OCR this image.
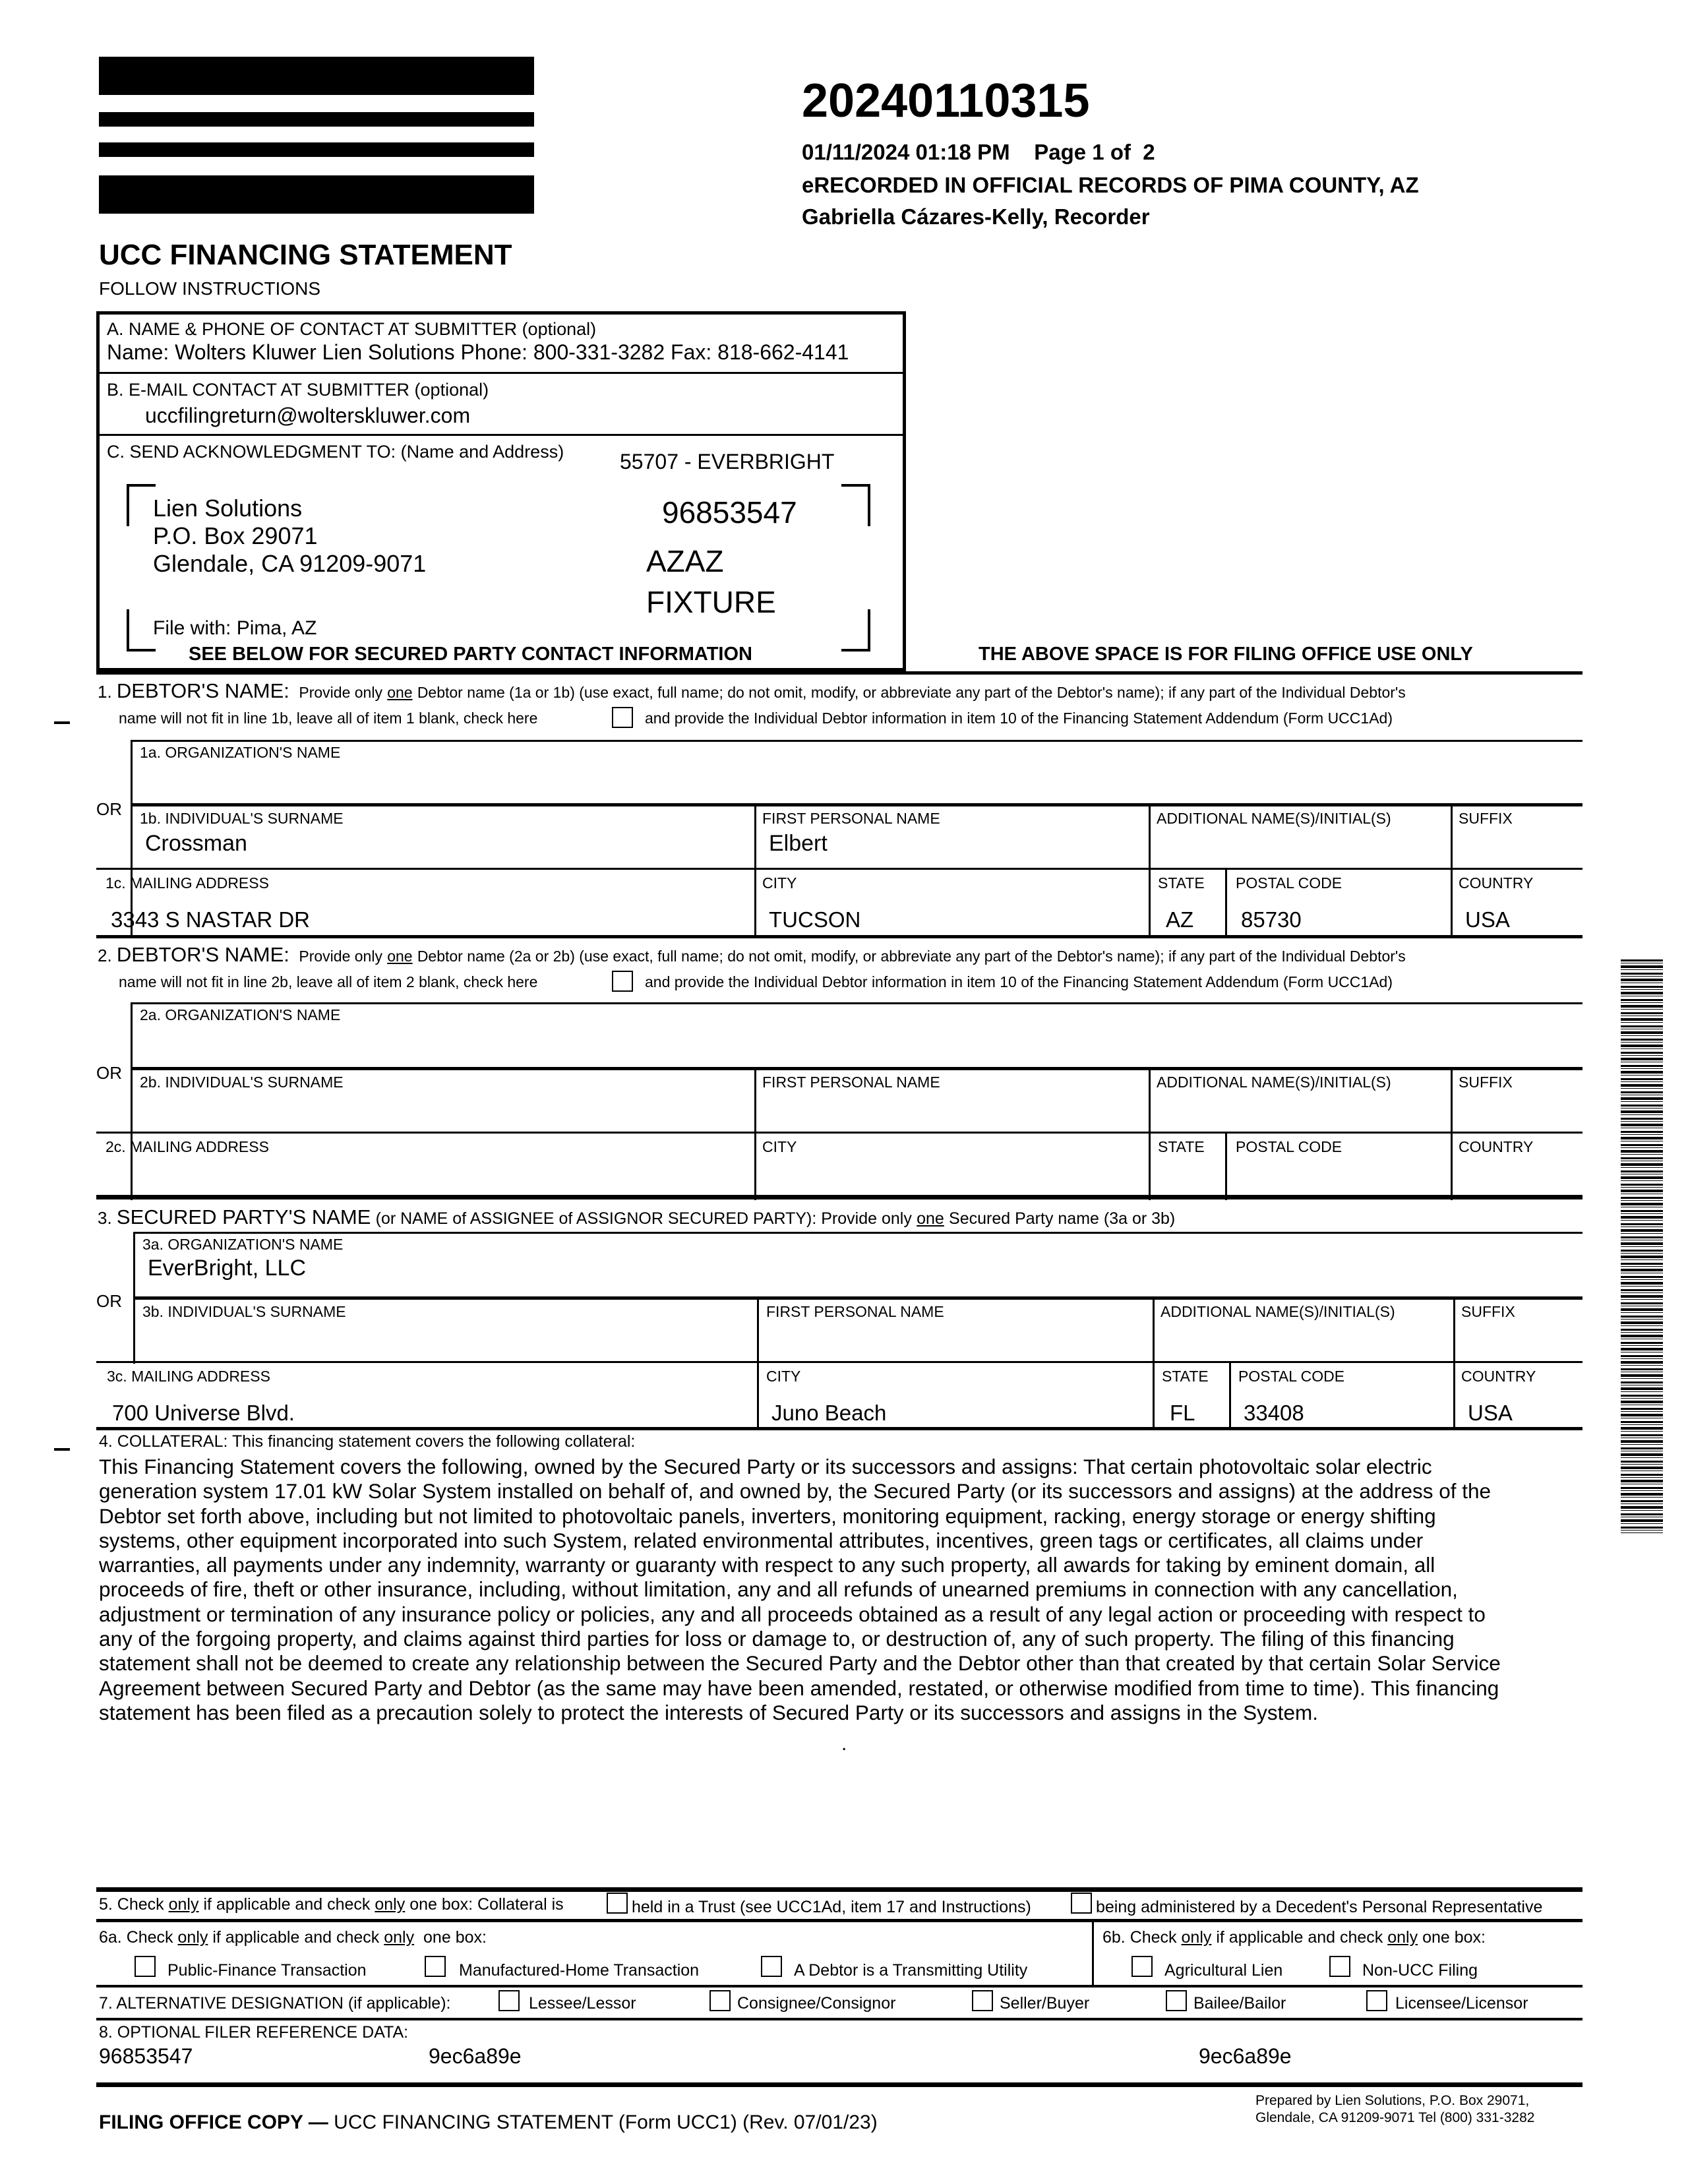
20240110315
01/11/2024 01:18 PM    Page 1 of  2
eRECORDED IN OFFICIAL RECORDS OF PIMA COUNTY, AZ
Gabriella Cázares-Kelly, Recorder
UCC FINANCING STATEMENT
FOLLOW INSTRUCTIONS
A. NAME & PHONE OF CONTACT AT SUBMITTER (optional)
Name: Wolters Kluwer Lien Solutions Phone: 800-331-3282 Fax: 818-662-4141
B. E-MAIL CONTACT AT SUBMITTER (optional)
uccfilingreturn@wolterskluwer.com
C. SEND ACKNOWLEDGMENT TO: (Name and Address)	55707 - EVERBRIGHT
Lien Solutions
P.O. Box 29071
Glendale, CA 91209-9071
96853547
AZAZ
FIXTURE
File with: Pima, AZ
SEE BELOW FOR SECURED PARTY CONTACT INFORMATION	THE ABOVE SPACE IS FOR FILING OFFICE USE ONLY
1. DEBTOR'S NAME: Provide only one Debtor name (1a or 1b) (use exact, full name; do not omit, modify, or abbreviate any part of the Debtor's name); if any part of the Individual Debtor's
name will not fit in line 1b, leave all of item 1 blank, check here	and provide the Individual Debtor information in item 10 of the Financing Statement Addendum (Form UCC1Ad)
1a. ORGANIZATION'S NAME
OR 1b. INDIVIDUAL'S SURNAME
Crossman
FIRST PERSONAL NAME
Elbert
ADDITIONAL NAME(S)/INITIAL(S)	SUFFIX
1c. MAILING ADDRESS
3343 S NASTAR DR
CITY
TUCSON
STATE
AZ
POSTAL CODE
85730
COUNTRY
USA
2. DEBTOR'S NAME: Provide only one Debtor name (2a or 2b) (use exact, full name; do not omit, modify, or abbreviate any part of the Debtor's name); if any part of the Individual Debtor's
name will not fit in line 2b, leave all of item 2 blank, check here	and provide the Individual Debtor information in item 10 of the Financing Statement Addendum (Form UCC1Ad)
2a. ORGANIZATION'S NAME
OR 2b. INDIVIDUAL'S SURNAME	FIRST PERSONAL NAME	ADDITIONAL NAME(S)/INITIAL(S)	SUFFIX
2c. MAILING ADDRESS	CITY	STATE POSTAL CODE	COUNTRY
3. SECURED PARTY'S NAME (or NAME of ASSIGNEE of ASSIGNOR SECURED PARTY): Provide only one Secured Party name (3a or 3b)
3a. ORGANIZATION'S NAME
EverBright, LLC
OR
3b. INDIVIDUAL'S SURNAME	FIRST PERSONAL NAME	ADDITIONAL NAME(S)/INITIAL(S)	SUFFIX
3c. MAILING ADDRESS
700 Universe Blvd.
CITY
Juno Beach
STATE
FL
POSTAL CODE
33408
COUNTRY
USA
4. COLLATERAL: This financing statement covers the following collateral:
This Financing Statement covers the following, owned by the Secured Party or its successors and assigns: That certain photovoltaic solar electric
generation system 17.01 kW Solar System installed on behalf of, and owned by, the Secured Party (or its successors and assigns) at the address of the
Debtor set forth above, including but not limited to photovoltaic panels, inverters, monitoring equipment, racking, energy storage or energy shifting
systems, other equipment incorporated into such System, related environmental attributes, incentives, green tags or certificates, all claims under
warranties, all payments under any indemnity, warranty or guaranty with respect to any such property, all awards for taking by eminent domain, all
proceeds of fire, theft or other insurance, including, without limitation, any and all refunds of unearned premiums in connection with any cancellation,
adjustment or termination of any insurance policy or policies, any and all proceeds obtained as a result of any legal action or proceeding with respect to
any of the forgoing property, and claims against third parties for loss or damage to, or destruction of, any of such property. The filing of this financing
statement shall not be deemed to create any relationship between the Secured Party and the Debtor other than that created by that certain Solar Service
Agreement between Secured Party and Debtor (as the same may have been amended, restated, or otherwise modified from time to time). This financing
statement has been filed as a precaution solely to protect the interests of Secured Party or its successors and assigns in the System.
.
5. Check only if applicable and check only one box: Collateral is	held in a Trust (see UCC1Ad, item 17 and Instructions)	being administered by a Decedent's Personal Representative
6a. Check only if applicable and check only one box:	6b. Check only if applicable and check only one box:
Public-Finance Transaction	Manufactured-Home Transaction	A Debtor is a Transmitting Utility	Agricultural Lien	Non-UCC Filing
7. ALTERNATIVE DESIGNATION (if applicable):	Lessee/Lessor	Consignee/Consignor	Seller/Buyer	Bailee/Bailor	Licensee/Licensor
8. OPTIONAL FILER REFERENCE DATA:
96853547	9ec6a89e	9ec6a89e
FILING OFFICE COPY — UCC FINANCING STATEMENT (Form UCC1) (Rev. 07/01/23)
Prepared by Lien Solutions, P.O. Box 29071,
Glendale, CA 91209-9071 Tel (800) 331-3282
